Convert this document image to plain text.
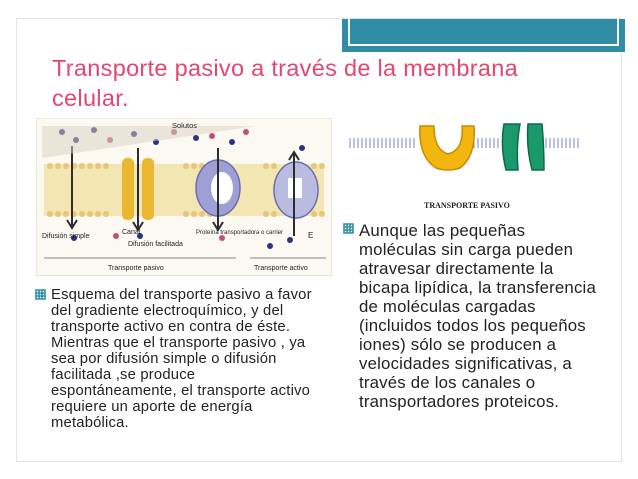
Transporte pasivo a través de la membrana celular.
Solutos
Canal	Proteína transportadora o carrier
Difusión simple
Difusión facilitada
E
Transporte pasivo	Transporte activo
TRANSPORTE PASIVO
Esquema del transporte pasivo a favor del gradiente electroquímico, y del transporte activo en contra de éste. Mientras que el transporte pasivo , ya sea por difusión simple o difusión facilitada ,se produce espontáneamente, el transporte activo requiere un aporte de energía metabólica.
Aunque las pequeñas moléculas sin carga pueden atravesar directamente la bicapa lipídica, la transferencia de moléculas cargadas (incluidos todos los pequeños iones) sólo se producen a velocidades significativas, a través de los canales o transportadores proteicos.
